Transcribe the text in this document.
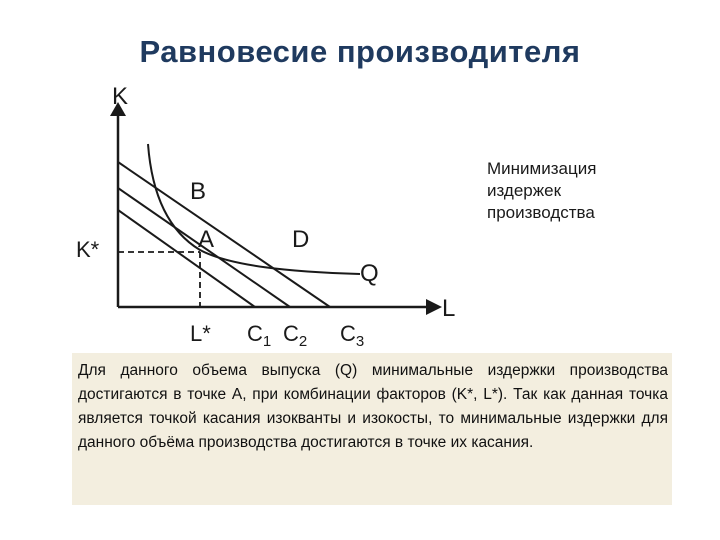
Равновесие производителя
K
L
K*
L*
A
B
D
Q
$C_1$ $C_2$ $C_3$
Минимизация
издержек
производства

Для данного объема выпуска (Q) минимальные издержки производства достигаются в точке А, при комбинации факторов (K*, L*). Так как данная точка является точкой касания изокванты и изокосты, то минимальные издержки для данного объёма производства достигаются в точке их касания.
